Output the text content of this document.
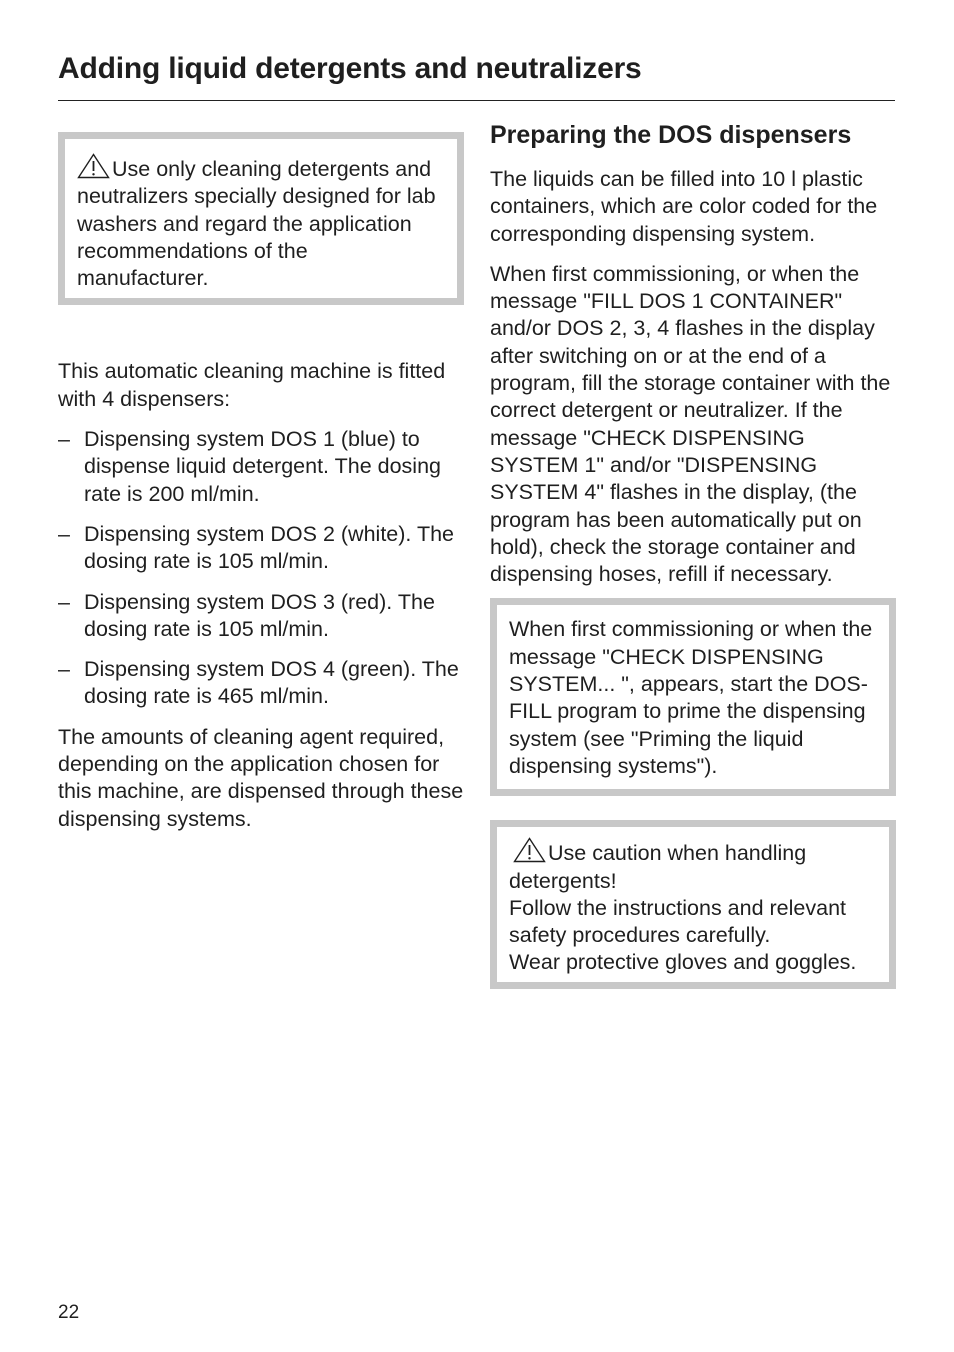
Adding liquid detergents and neutralizers
Use only cleaning detergents and neutralizers specially designed for lab washers and regard the application recommendations of the manufacturer.

This automatic cleaning machine is fitted with 4 dispensers:

– Dispensing system DOS 1 (blue) to dispense liquid detergent. The dosing rate is 200 ml/min.
– Dispensing system DOS 2 (white). The dosing rate is 105 ml/min.
– Dispensing system DOS 3 (red). The dosing rate is 105 ml/min.
– Dispensing system DOS 4 (green). The dosing rate is 465 ml/min.

The amounts of cleaning agent required, depending on the application chosen for this machine, are dispensed through these dispensing systems.

Preparing the DOS dispensers

The liquids can be filled into 10 l plastic containers, which are color coded for the corresponding dispensing system.

When first commissioning, or when the message "FILL DOS 1 CONTAINER" and/or DOS 2, 3, 4 flashes in the display after switching on or at the end of a program, fill the storage container with the correct detergent or neutralizer. If the message "CHECK DISPENSING SYSTEM 1" and/or "DISPENSING SYSTEM 4" flashes in the display, (the program has been automatically put on hold), check the storage container and dispensing hoses, refill if necessary.

When first commissioning or when the message "CHECK DISPENSING SYSTEM... ", appears, start the DOS-FILL program to prime the dispensing system (see "Priming the liquid dispensing systems").
Use caution when handling detergents!
Follow the instructions and relevant safety procedures carefully.
Wear protective gloves and goggles.
22
